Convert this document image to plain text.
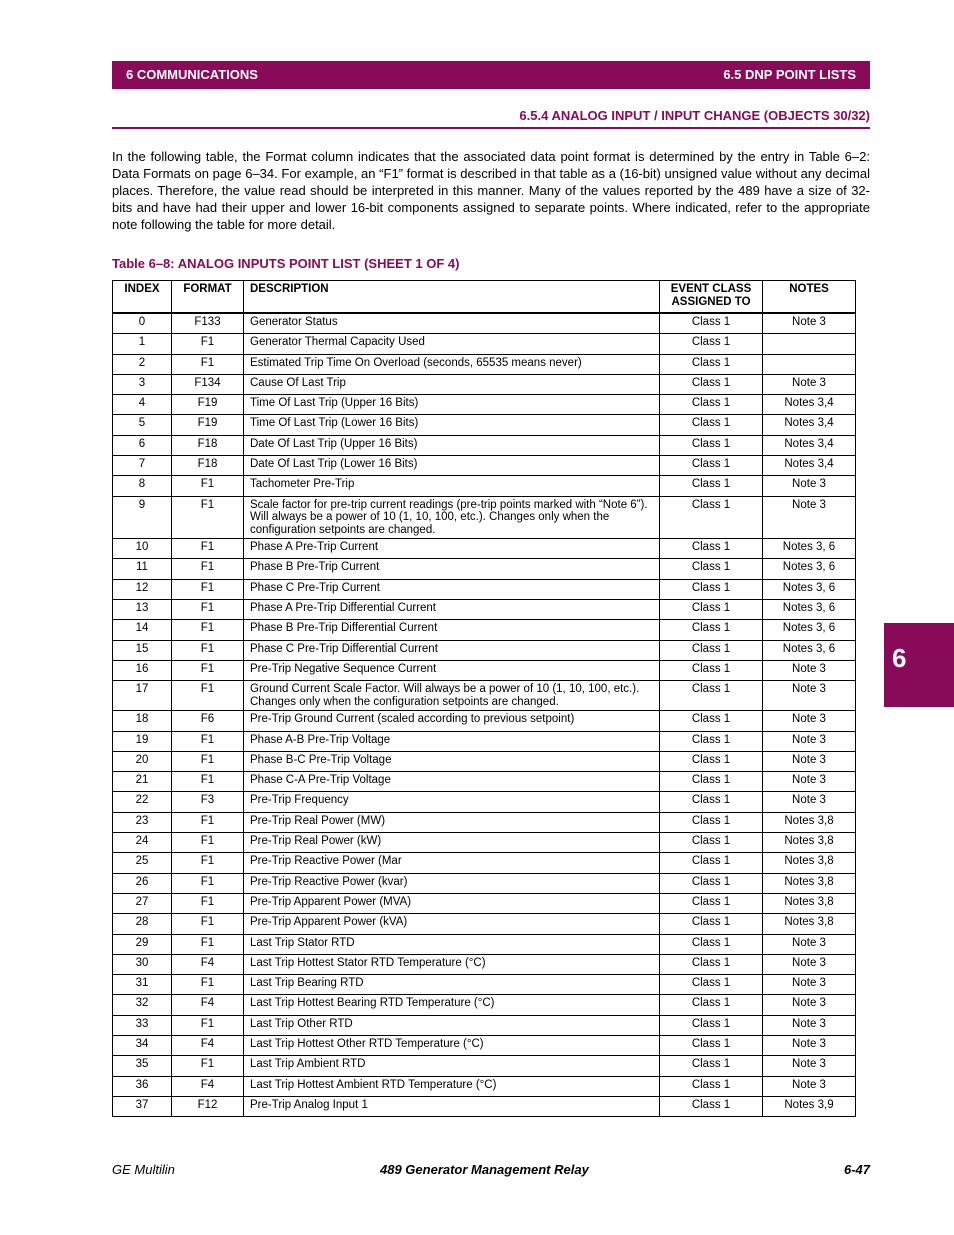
6 COMMUNICATIONS	6.5 DNP POINT LISTS
6.5.4 ANALOG INPUT / INPUT CHANGE (OBJECTS 30/32)

In the following table, the Format column indicates that the associated data point format is determined by the entry in Table 6–2: Data Formats on page 6–34. For example, an “F1” format is described in that table as a (16-bit) unsigned value without any decimal places. Therefore, the value read should be interpreted in this manner. Many of the values reported by the 489 have a size of 32-bits and have had their upper and lower 16-bit components assigned to separate points. Where indicated, refer to the appropriate note following the table for more detail.

Table 6–8: ANALOG INPUTS POINT LIST (SHEET 1 OF 4)
INDEX	FORMAT	DESCRIPTION	EVENT CLASS ASSIGNED TO	NOTES
0	F133	Generator Status	Class 1	Note 3
1	F1	Generator Thermal Capacity Used	Class 1	
2	F1	Estimated Trip Time On Overload (seconds, 65535 means never)	Class 1	
3	F134	Cause Of Last Trip	Class 1	Note 3
4	F19	Time Of Last Trip (Upper 16 Bits)	Class 1	Notes 3,4
5	F19	Time Of Last Trip (Lower 16 Bits)	Class 1	Notes 3,4
6	F18	Date Of Last Trip (Upper 16 Bits)	Class 1	Notes 3,4
7	F18	Date Of Last Trip (Lower 16 Bits)	Class 1	Notes 3,4
8	F1	Tachometer Pre-Trip	Class 1	Note 3
9	F1	Scale factor for pre-trip current readings (pre-trip points marked with “Note 6”). Will always be a power of 10 (1, 10, 100, etc.). Changes only when the configuration setpoints are changed.	Class 1	Note 3
10	F1	Phase A Pre-Trip Current	Class 1	Notes 3, 6
11	F1	Phase B Pre-Trip Current	Class 1	Notes 3, 6
12	F1	Phase C Pre-Trip Current	Class 1	Notes 3, 6
13	F1	Phase A Pre-Trip Differential Current	Class 1	Notes 3, 6
14	F1	Phase B Pre-Trip Differential Current	Class 1	Notes 3, 6
15	F1	Phase C Pre-Trip Differential Current	Class 1	Notes 3, 6
16	F1	Pre-Trip Negative Sequence Current	Class 1	Note 3
17	F1	Ground Current Scale Factor. Will always be a power of 10 (1, 10, 100, etc.). Changes only when the configuration setpoints are changed.	Class 1	Note 3
18	F6	Pre-Trip Ground Current (scaled according to previous setpoint)	Class 1	Note 3
19	F1	Phase A-B Pre-Trip Voltage	Class 1	Note 3
20	F1	Phase B-C Pre-Trip Voltage	Class 1	Note 3
21	F1	Phase C-A Pre-Trip Voltage	Class 1	Note 3
22	F3	Pre-Trip Frequency	Class 1	Note 3
23	F1	Pre-Trip Real Power (MW)	Class 1	Notes 3,8
24	F1	Pre-Trip Real Power (kW)	Class 1	Notes 3,8
25	F1	Pre-Trip Reactive Power (Mar	Class 1	Notes 3,8
26	F1	Pre-Trip Reactive Power (kvar)	Class 1	Notes 3,8
27	F1	Pre-Trip Apparent Power (MVA)	Class 1	Notes 3,8
28	F1	Pre-Trip Apparent Power (kVA)	Class 1	Notes 3,8
29	F1	Last Trip Stator RTD	Class 1	Note 3
30	F4	Last Trip Hottest Stator RTD Temperature (°C)	Class 1	Note 3
31	F1	Last Trip Bearing RTD	Class 1	Note 3
32	F4	Last Trip Hottest Bearing RTD Temperature (°C)	Class 1	Note 3
33	F1	Last Trip Other RTD	Class 1	Note 3
34	F4	Last Trip Hottest Other RTD Temperature (°C)	Class 1	Note 3
35	F1	Last Trip Ambient RTD	Class 1	Note 3
36	F4	Last Trip Hottest Ambient RTD Temperature (°C)	Class 1	Note 3
37	F12	Pre-Trip Analog Input 1	Class 1	Notes 3,9
6
GE Multilin	489 Generator Management Relay	6-47
